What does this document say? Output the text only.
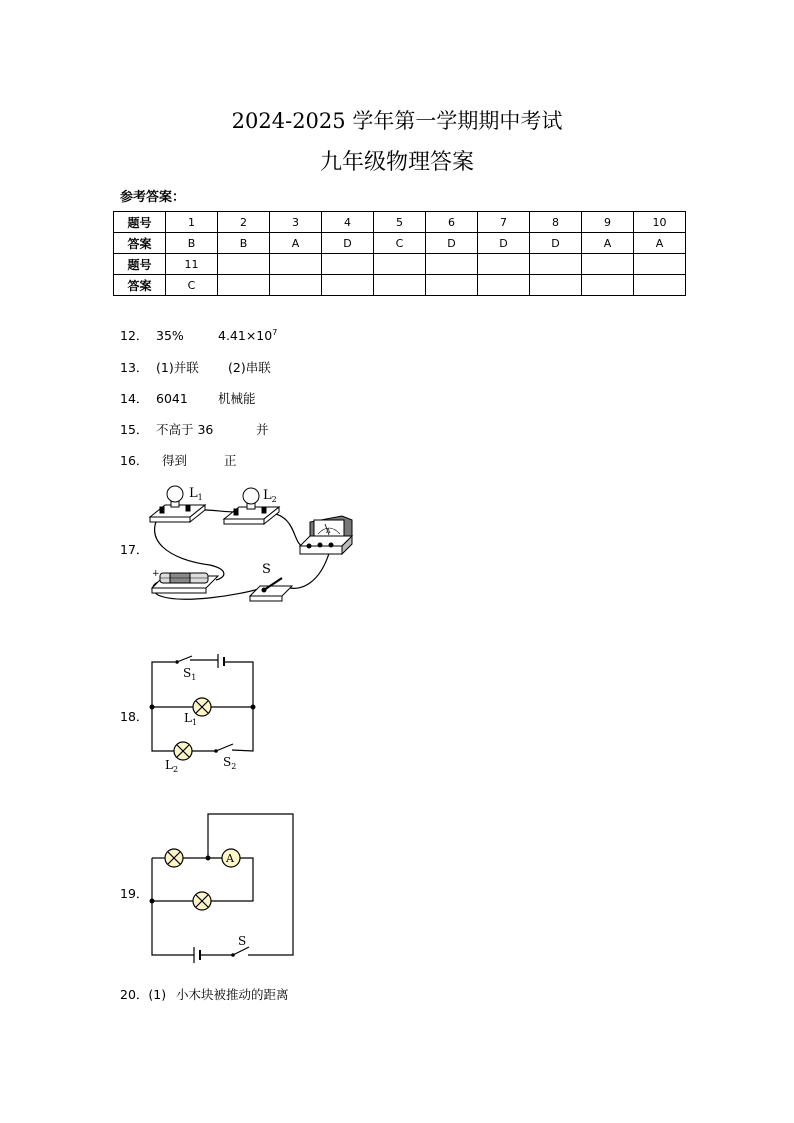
2024-2025 学年第一学期期中考试
九年级物理答案
参考答案：
题号	1	2	3	4	5	6	7	8	9	10
答案	B	B	A	D	C	D	D	D	A	A
题号	11									
答案	C									
12． 35%	$4.41\times 10^7$
13． (1)并联 (2)串联
14． 6041 机械能
15． 不高于 36	并
16． 得到	正
17．
18．
19．
20．(1) 小木块被推动的距离
$L_1$	$L_2$
A
+	S
$S_1$
$L_1$
$L_2$
$S_2$
A
S
